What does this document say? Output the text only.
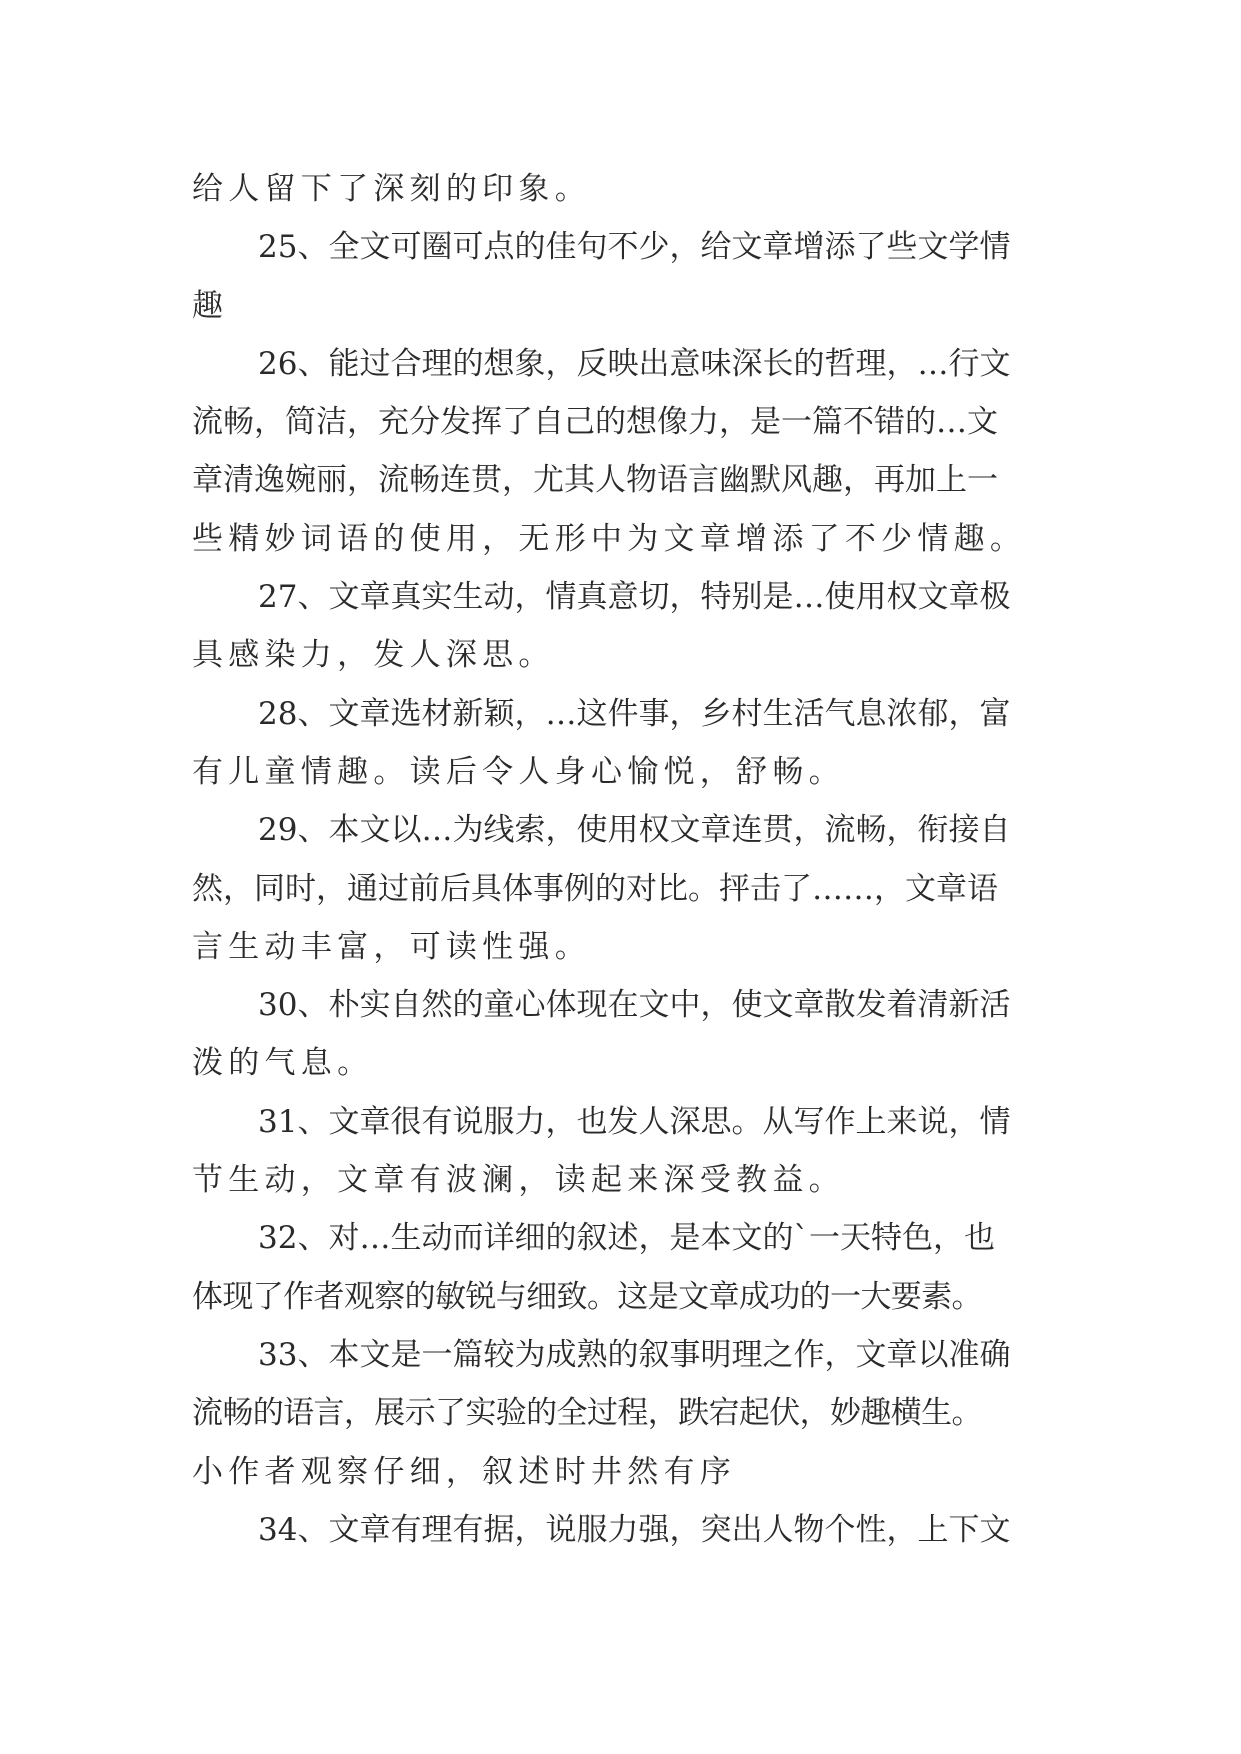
给人留下了深刻的印象。
25、全文可圈可点的佳句不少，给文章增添了些文学情
趣
26、能过合理的想象，反映出意味深长的哲理，…行文
流畅，简洁，充分发挥了自己的想像力，是一篇不错的…文
章清逸婉丽，流畅连贯，尤其人物语言幽默风趣，再加上一
些精妙词语的使用，无形中为文章增添了不少情趣。
27、文章真实生动，情真意切，特别是…使用权文章极
具感染力，发人深思。
28、文章选材新颖，…这件事，乡村生活气息浓郁，富
有儿童情趣。读后令人身心愉悦，舒畅。
29、本文以…为线索，使用权文章连贯，流畅，衔接自
然，同时，通过前后具体事例的对比。抨击了……，文章语
言生动丰富，可读性强。
30、朴实自然的童心体现在文中，使文章散发着清新活
泼的气息。
31、文章很有说服力，也发人深思。从写作上来说，情
节生动，文章有波澜，读起来深受教益。
32、对…生动而详细的叙述，是本文的`一天特色，也
体现了作者观察的敏锐与细致。这是文章成功的一大要素。
33、本文是一篇较为成熟的叙事明理之作，文章以准确
流畅的语言，展示了实验的全过程，跌宕起伏，妙趣横生。
小作者观察仔细，叙述时井然有序
34、文章有理有据，说服力强，突出人物个性，上下文
